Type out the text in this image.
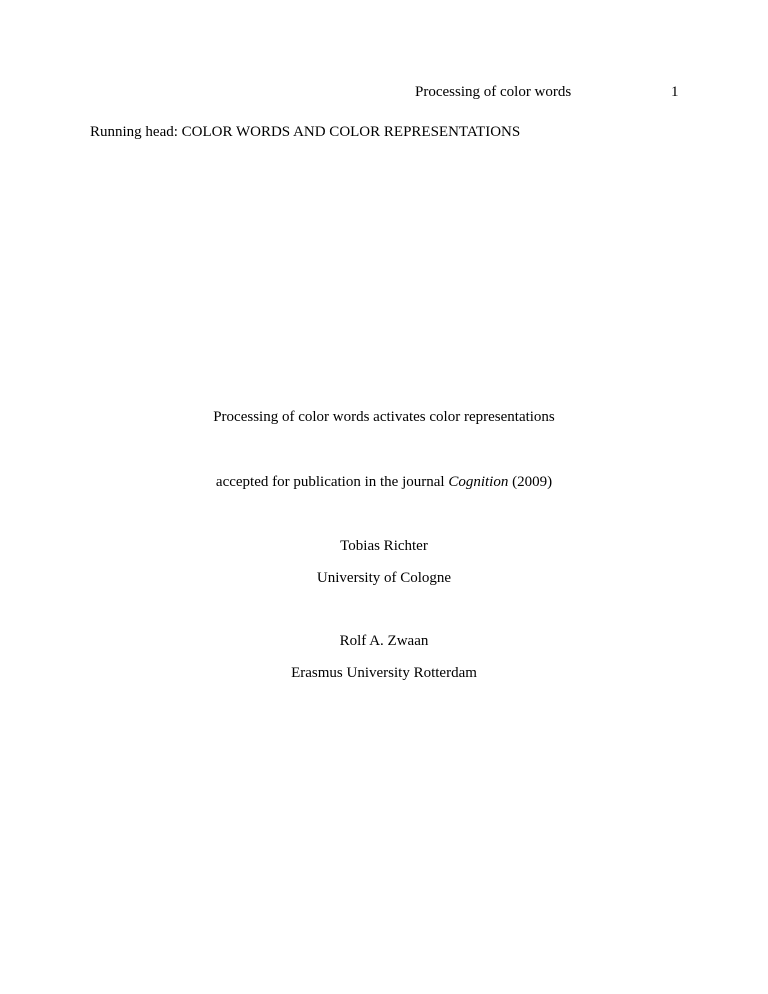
Processing of color words	1
Running head: COLOR WORDS AND COLOR REPRESENTATIONS
Processing of color words activates color representations
accepted for publication in the journal Cognition (2009)
Tobias Richter
University of Cologne
Rolf A. Zwaan
Erasmus University Rotterdam
